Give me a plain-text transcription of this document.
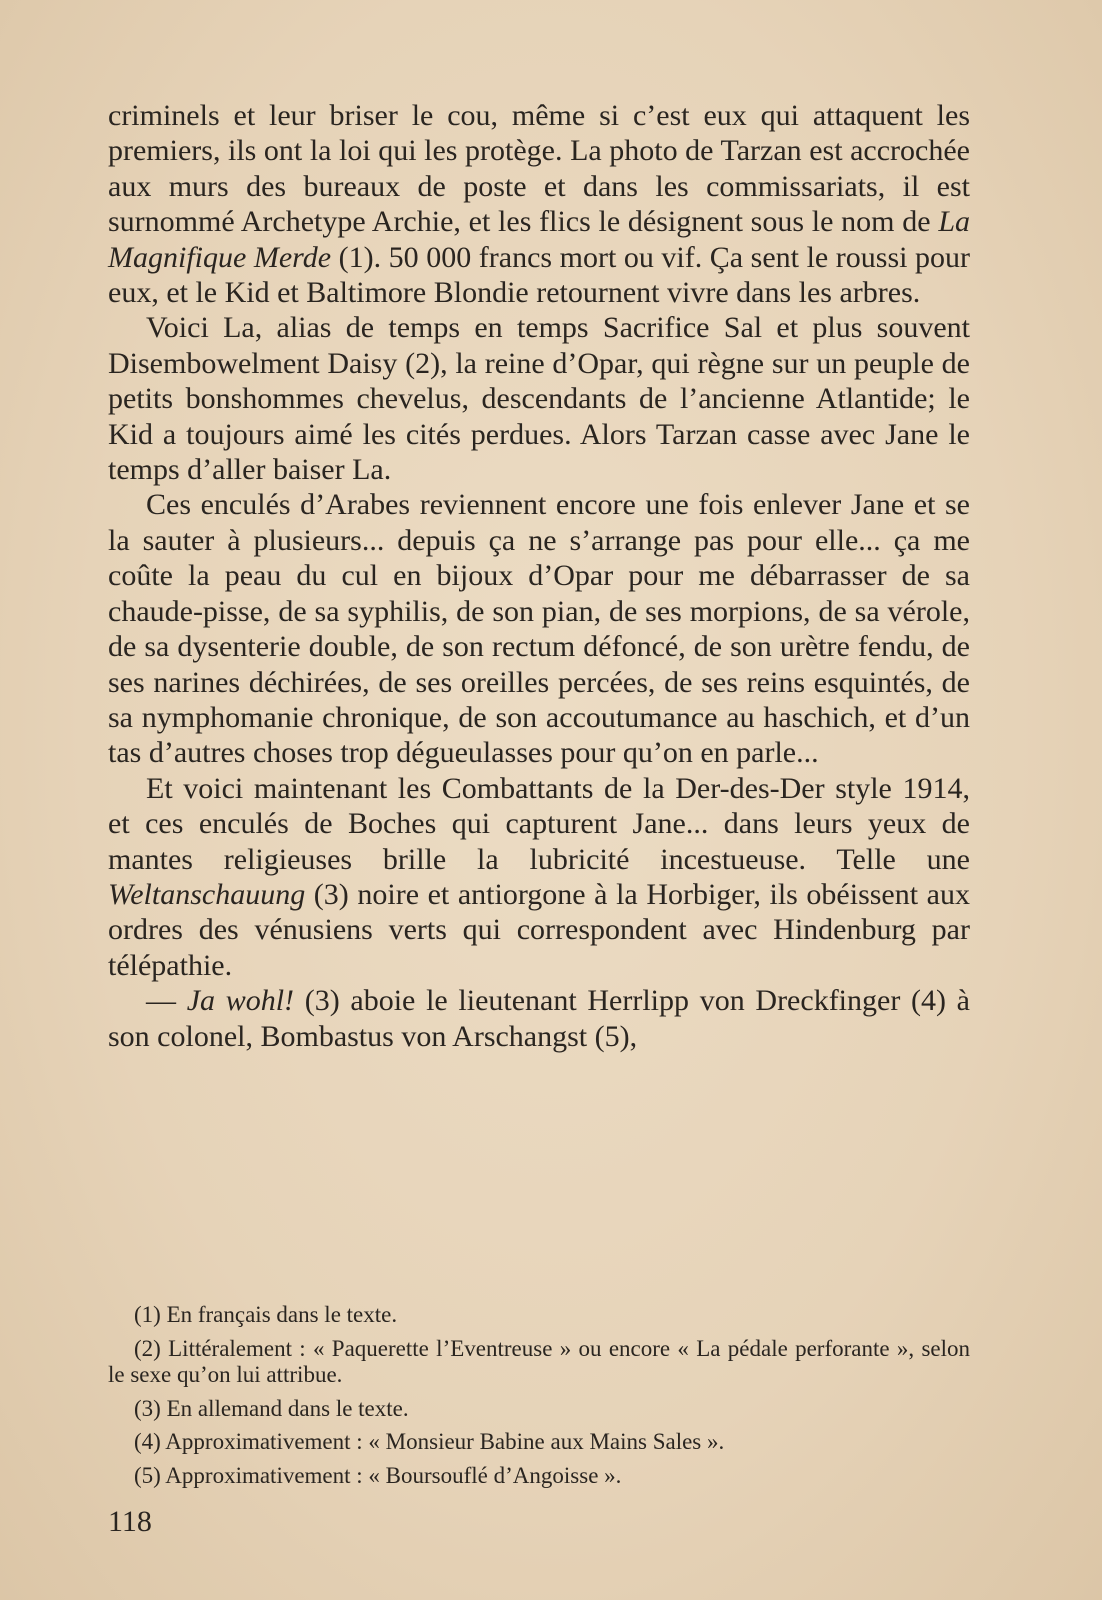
criminels et leur briser le cou, même si c’est eux qui attaquent les premiers, ils ont la loi qui les protège. La photo de Tarzan est accrochée aux murs des bureaux de poste et dans les commissariats, il est surnommé Archetype Archie, et les flics le désignent sous le nom de La Magnifique Merde (1). 50 000 francs mort ou vif. Ça sent le roussi pour eux, et le Kid et Baltimore Blondie retournent vivre dans les arbres.

Voici La, alias de temps en temps Sacrifice Sal et plus souvent Disembowelment Daisy (2), la reine d’Opar, qui règne sur un peuple de petits bonshommes chevelus, descendants de l’ancienne Atlantide; le Kid a toujours aimé les cités perdues. Alors Tarzan casse avec Jane le temps d’aller baiser La.

Ces enculés d’Arabes reviennent encore une fois enlever Jane et se la sauter à plusieurs... depuis ça ne s’arrange pas pour elle... ça me coûte la peau du cul en bijoux d’Opar pour me débarrasser de sa chaude-pisse, de sa syphilis, de son pian, de ses morpions, de sa vérole, de sa dysenterie double, de son rectum défoncé, de son urètre fendu, de ses narines déchirées, de ses oreilles percées, de ses reins esquintés, de sa nymphomanie chronique, de son accoutumance au haschich, et d’un tas d’autres choses trop dégueulasses pour qu’on en parle...

Et voici maintenant les Combattants de la Der-des-Der style 1914, et ces enculés de Boches qui capturent Jane... dans leurs yeux de mantes religieuses brille la lubricité incestueuse. Telle une Weltanschauung (3) noire et antiorgone à la Horbiger, ils obéissent aux ordres des vénusiens verts qui correspondent avec Hindenburg par télépathie.

— Ja wohl! (3) aboie le lieutenant Herrlipp von Dreckfinger (4) à son colonel, Bombastus von Arschangst (5),

(1) En français dans le texte.

(2) Littéralement : « Paquerette l’Eventreuse » ou encore « La pédale perforante », selon le sexe qu’on lui attribue.

(3) En allemand dans le texte.

(4) Approximativement : « Monsieur Babine aux Mains Sales ».

(5) Approximativement : « Boursouflé d’Angoisse ».

118
